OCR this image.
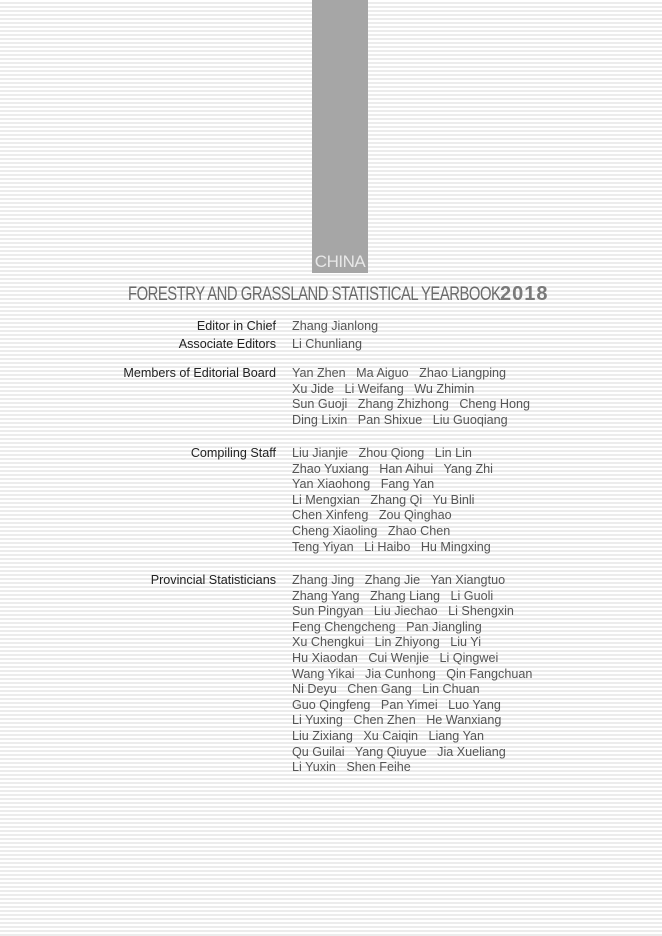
CHINA
FORESTRY AND GRASSLAND STATISTICAL YEARBOOK 2018
Editor in Chief Zhang Jianlong
Associate Editors Li Chunliang
Members of Editorial Board Yan Zhen   Ma Aiguo   Zhao Liangping
Xu Jide   Li Weifang   Wu Zhimin
Sun Guoji   Zhang Zhizhong   Cheng Hong
Ding Lixin   Pan Shixue   Liu Guoqiang
Compiling Staff Liu Jianjie   Zhou Qiong   Lin Lin
Zhao Yuxiang   Han Aihui   Yang Zhi
Yan Xiaohong   Fang Yan
Li Mengxian   Zhang Qi   Yu Binli
Chen Xinfeng   Zou Qinghao
Cheng Xiaoling   Zhao Chen
Teng Yiyan   Li Haibo   Hu Mingxing
Provincial Statisticians Zhang Jing   Zhang Jie   Yan Xiangtuo
Zhang Yang   Zhang Liang   Li Guoli
Sun Pingyan   Liu Jiechao   Li Shengxin
Feng Chengcheng   Pan Jiangling
Xu Chengkui   Lin Zhiyong   Liu Yi
Hu Xiaodan   Cui Wenjie   Li Qingwei
Wang Yikai   Jia Cunhong   Qin Fangchuan
Ni Deyu   Chen Gang   Lin Chuan
Guo Qingfeng   Pan Yimei   Luo Yang
Li Yuxing   Chen Zhen   He Wanxiang
Liu Zixiang   Xu Caiqin   Liang Yan
Qu Guilai   Yang Qiuyue   Jia Xueliang
Li Yuxin   Shen Feihe
